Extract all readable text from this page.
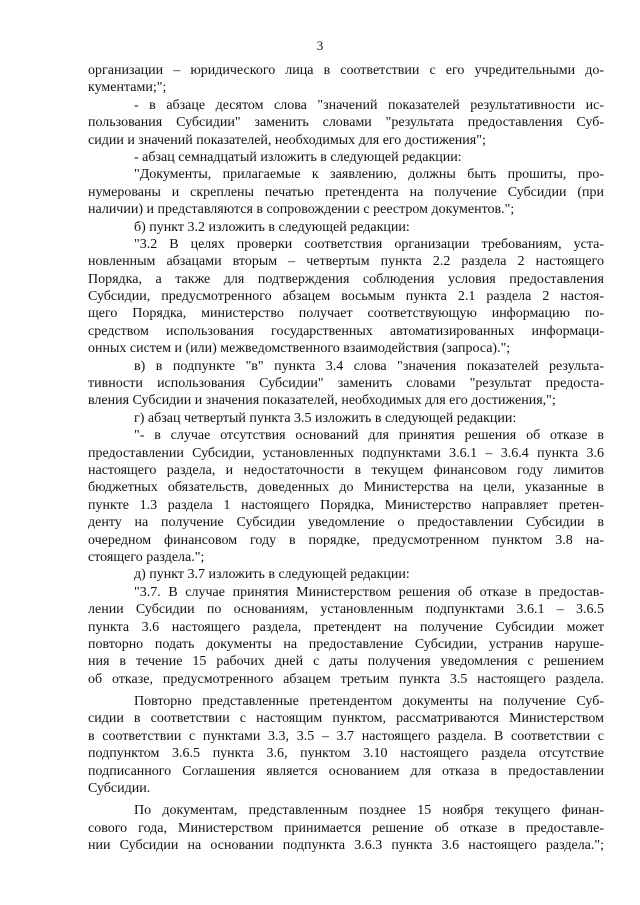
3
организации – юридического лица в соответствии с его учредительными до-
кументами;";
- в абзаце десятом слова "значений показателей результативности ис-
пользования Субсидии" заменить словами "результата предоставления Суб-
сидии и значений показателей, необходимых для его достижения";
- абзац семнадцатый изложить в следующей редакции:
"Документы, прилагаемые к заявлению, должны быть прошиты, про-
нумерованы и скреплены печатью претендента на получение Субсидии (при
наличии) и представляются в сопровождении с реестром документов.";
б) пункт 3.2 изложить в следующей редакции:
"3.2 В целях проверки соответствия организации требованиям, уста-
новленным абзацами вторым – четвертым пункта 2.2 раздела 2 настоящего
Порядка, а также для подтверждения соблюдения условия предоставления
Субсидии, предусмотренного абзацем восьмым пункта 2.1 раздела 2 настоя-
щего Порядка, министерство получает соответствующую информацию по-
средством использования государственных автоматизированных информаци-
онных систем и (или) межведомственного взаимодействия (запроса).";
в) в подпункте "в" пункта 3.4 слова "значения показателей результа-
тивности использования Субсидии" заменить словами "результат предоста-
вления Субсидии и значения показателей, необходимых для его достижения,";
г) абзац четвертый пункта 3.5 изложить в следующей редакции:
"- в случае отсутствия оснований для принятия решения об отказе в
предоставлении Субсидии, установленных подпунктами 3.6.1 – 3.6.4 пункта 3.6
настоящего раздела, и недостаточности в текущем финансовом году лимитов
бюджетных обязательств, доведенных до Министерства на цели, указанные в
пункте 1.3 раздела 1 настоящего Порядка, Министерство направляет претен-
денту на получение Субсидии уведомление о предоставлении Субсидии в
очередном финансовом году в порядке, предусмотренном пунктом 3.8 на-
стоящего раздела.";
д) пункт 3.7 изложить в следующей редакции:
"3.7. В случае принятия Министерством решения об отказе в предостав-
лении Субсидии по основаниям, установленным подпунктами 3.6.1 – 3.6.5
пункта 3.6 настоящего раздела, претендент на получение Субсидии может
повторно подать документы на предоставление Субсидии, устранив наруше-
ния в течение 15 рабочих дней с даты получения уведомления с решением
об отказе, предусмотренного абзацем третьим пункта 3.5 настоящего раздела.
Повторно представленные претендентом документы на получение Суб-
сидии в соответствии с настоящим пунктом, рассматриваются Министерством
в соответствии с пунктами 3.3, 3.5 – 3.7 настоящего раздела. В соответствии с
подпунктом 3.6.5 пункта 3.6, пунктом 3.10 настоящего раздела отсутствие
подписанного Соглашения является основанием для отказа в предоставлении
Субсидии.
По документам, представленным позднее 15 ноября текущего финан-
сового года, Министерством принимается решение об отказе в предоставле-
нии Субсидии на основании подпункта 3.6.3 пункта 3.6 настоящего раздела.";
